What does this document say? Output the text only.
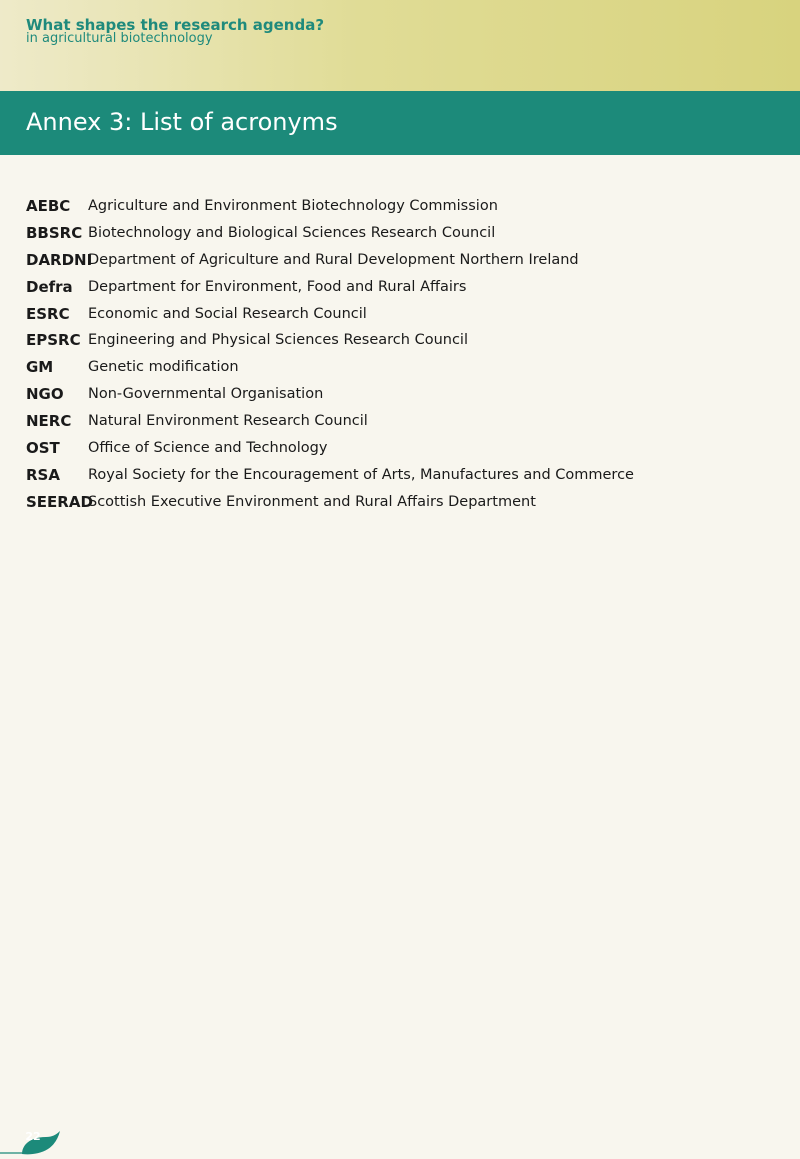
What shapes the research agenda?

in agricultural biotechnology

Annex 3: List of acronyms
AEBC Agriculture and Environment Biotechnology Commission
BBSRC Biotechnology and Biological Sciences Research Council
DARDNI
Department of Agriculture and Rural Development Northern Ireland
Defra Department for Environment, Food and Rural Affairs
ESRC Economic and Social Research Council
EPSRC Engineering and Physical Sciences Research Council
GM Genetic modification
NGO Non-Governmental Organisation
NERC Natural Environment Research Council
OST Office of Science and Technology
RSA Royal Society for the Encouragement of Arts, Manufactures and Commerce
SEERAD
Scottish Executive Environment and Rural Affairs Department
22
